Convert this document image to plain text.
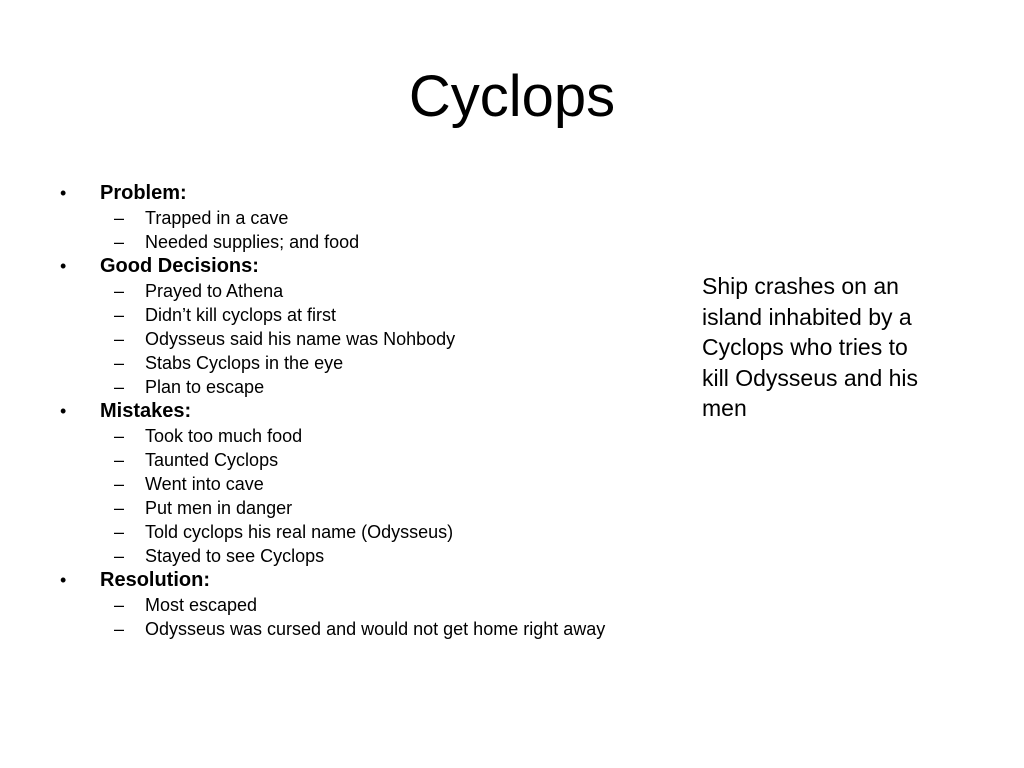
Cyclops
•	Problem:
– Trapped in a cave
– Needed supplies; and food
•	Good Decisions:
– Prayed to Athena
– Didn’t kill cyclops at first
– Odysseus said his name was Nohbody
– Stabs Cyclops in the eye
– Plan to escape
•	Mistakes:
– Took too much food
– Taunted Cyclops
– Went into cave
– Put men in danger
– Told cyclops his real name (Odysseus)
– Stayed to see Cyclops
•	Resolution:
– Most escaped
– Odysseus was cursed and would not get home right away
Ship crashes on an island inhabited by a Cyclops who tries to kill Odysseus and his men
